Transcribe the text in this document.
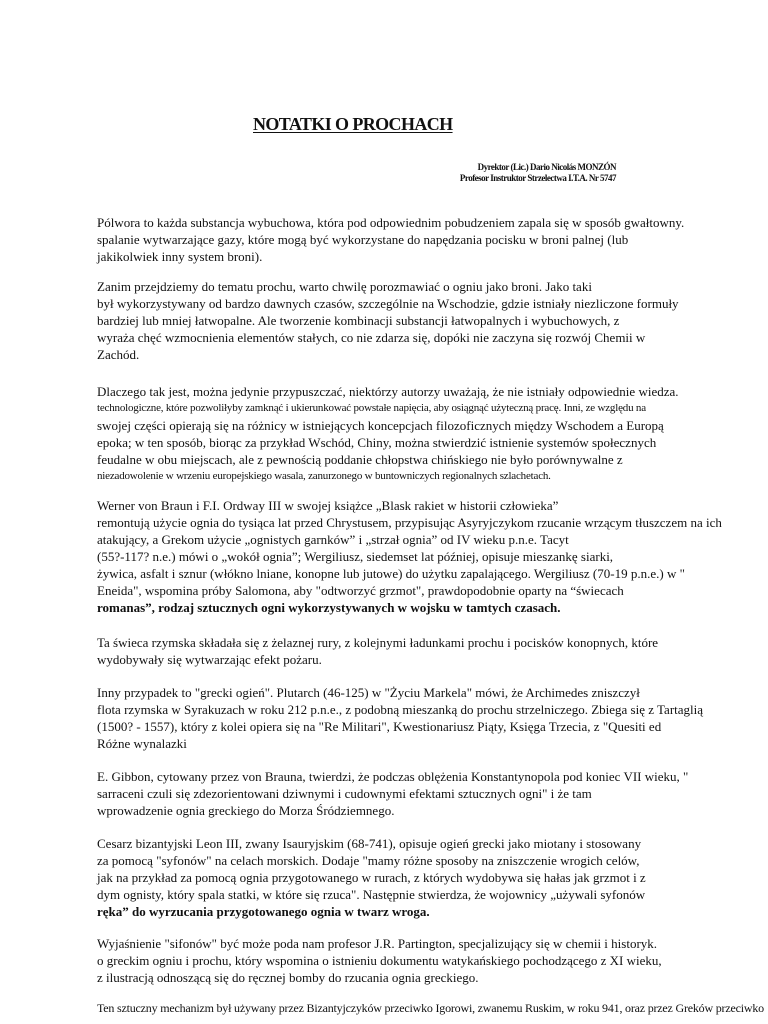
NOTATKI O PROCHACH
Dyrektor (Lic.) Dario Nicolás MONZÓN
Profesor Instruktor Strzelectwa I.T.A. Nr 5747
Pólwora to każda substancja wybuchowa, która pod odpowiednim pobudzeniem zapala się w sposób gwałtowny.
spalanie wytwarzające gazy, które mogą być wykorzystane do napędzania pocisku w broni palnej (lub
jakikolwiek inny system broni).
Zanim przejdziemy do tematu prochu, warto chwilę porozmawiać o ogniu jako broni. Jako taki
był wykorzystywany od bardzo dawnych czasów, szczególnie na Wschodzie, gdzie istniały niezliczone formuły
bardziej lub mniej łatwopalne. Ale tworzenie kombinacji substancji łatwopalnych i wybuchowych, z
wyraża chęć wzmocnienia elementów stałych, co nie zdarza się, dopóki nie zaczyna się rozwój Chemii w
Zachód.
Dlaczego tak jest, można jedynie przypuszczać, niektórzy autorzy uważają, że nie istniały odpowiednie wiedza.
technologiczne, które pozwoliłyby zamknąć i ukierunkować powstałe napięcia, aby osiągnąć użyteczną pracę. Inni, ze względu na
swojej części opierają się na różnicy w istniejących koncepcjach filozoficznych między Wschodem a Europą
epoka; w ten sposób, biorąc za przykład Wschód, Chiny, można stwierdzić istnienie systemów społecznych
feudalne w obu miejscach, ale z pewnością poddanie chłopstwa chińskiego nie było porównywalne z
niezadowolenie w wrzeniu europejskiego wasala, zanurzonego w buntowniczych regionalnych szlachetach.
Werner von Braun i F.I. Ordway III w swojej książce „Blask rakiet w historii człowieka”
remontują użycie ognia do tysiąca lat przed Chrystusem, przypisując Asyryjczykom rzucanie wrzącym tłuszczem na ich
atakujący, a Grekom użycie „ognistych garnków” i „strzał ognia” od IV wieku p.n.e. Tacyt
(55?-117? n.e.) mówi o „wokół ognia”; Wergiliusz, siedemset lat później, opisuje mieszankę siarki,
żywica, asfalt i sznur (włókno lniane, konopne lub jutowe) do użytku zapalającego. Wergiliusz (70-19 p.n.e.) w "
Eneida", wspomina próby Salomona, aby "odtworzyć grzmot", prawdopodobnie oparty na “świecach
romanas”, rodzaj sztucznych ogni wykorzystywanych w wojsku w tamtych czasach.
Ta świeca rzymska składała się z żelaznej rury, z kolejnymi ładunkami prochu i pocisków konopnych, które
wydobywały się wytwarzając efekt pożaru.
Inny przypadek to "grecki ogień". Plutarch (46-125) w "Życiu Markela" mówi, że Archimedes zniszczył
flota rzymska w Syrakuzach w roku 212 p.n.e., z podobną mieszanką do prochu strzelniczego. Zbiega się z Tartaglią
(1500? - 1557), który z kolei opiera się na "Re Militari", Kwestionariusz Piąty, Księga Trzecia, z "Quesiti ed
Różne wynalazki
E. Gibbon, cytowany przez von Brauna, twierdzi, że podczas oblężenia Konstantynopola pod koniec VII wieku, "
sarraceni czuli się zdezorientowani dziwnymi i cudownymi efektami sztucznych ogni" i że tam
wprowadzenie ognia greckiego do Morza Śródziemnego.
Cesarz bizantyjski Leon III, zwany Isauryjskim (68-741), opisuje ogień grecki jako miotany i stosowany
za pomocą "syfonów" na celach morskich. Dodaje "mamy różne sposoby na zniszczenie wrogich celów,
jak na przykład za pomocą ognia przygotowanego w rurach, z których wydobywa się hałas jak grzmot i z
dym ognisty, który spala statki, w które się rzuca". Następnie stwierdza, że wojownicy „używali syfonów
ręka” do wyrzucania przygotowanego ognia w twarz wroga.
Wyjaśnienie "sifonów" być może poda nam profesor J.R. Partington, specjalizujący się w chemii i historyk.
o greckim ogniu i prochu, który wspomina o istnieniu dokumentu watykańskiego pochodzącego z XI wieku,
z ilustracją odnoszącą się do ręcznej bomby do rzucania ognia greckiego.
Ten sztuczny mechanizm był używany przez Bizantyjczyków przeciwko Igorowi, zwanemu Ruskim, w roku 941, oraz przez Greków przeciwko
